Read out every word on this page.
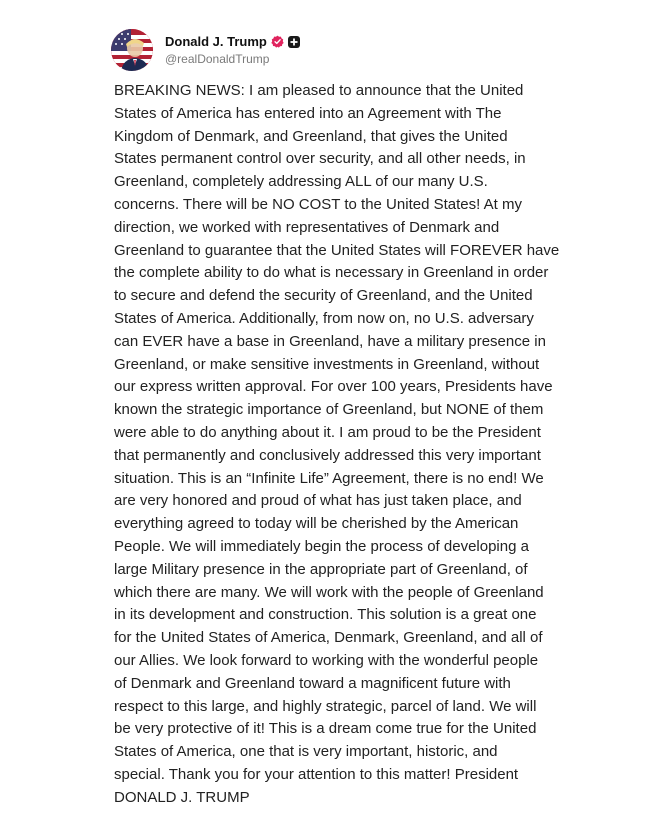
Donald J. Trump
@realDonaldTrump
BREAKING NEWS: I am pleased to announce that the United
States of America has entered into an Agreement with The
Kingdom of Denmark, and Greenland, that gives the United
States permanent control over security, and all other needs, in
Greenland, completely addressing ALL of our many U.S.
concerns. There will be NO COST to the United States! At my
direction, we worked with representatives of Denmark and
Greenland to guarantee that the United States will FOREVER have
the complete ability to do what is necessary in Greenland in order
to secure and defend the security of Greenland, and the United
States of America. Additionally, from now on, no U.S. adversary
can EVER have a base in Greenland, have a military presence in
Greenland, or make sensitive investments in Greenland, without
our express written approval. For over 100 years, Presidents have
known the strategic importance of Greenland, but NONE of them
were able to do anything about it. I am proud to be the President
that permanently and conclusively addressed this very important
situation. This is an “Infinite Life” Agreement, there is no end! We
are very honored and proud of what has just taken place, and
everything agreed to today will be cherished by the American
People. We will immediately begin the process of developing a
large Military presence in the appropriate part of Greenland, of
which there are many. We will work with the people of Greenland
in its development and construction. This solution is a great one
for the United States of America, Denmark, Greenland, and all of
our Allies. We look forward to working with the wonderful people
of Denmark and Greenland toward a magnificent future with
respect to this large, and highly strategic, parcel of land. We will
be very protective of it! This is a dream come true for the United
States of America, one that is very important, historic, and
special. Thank you for your attention to this matter! President
DONALD J. TRUMP
